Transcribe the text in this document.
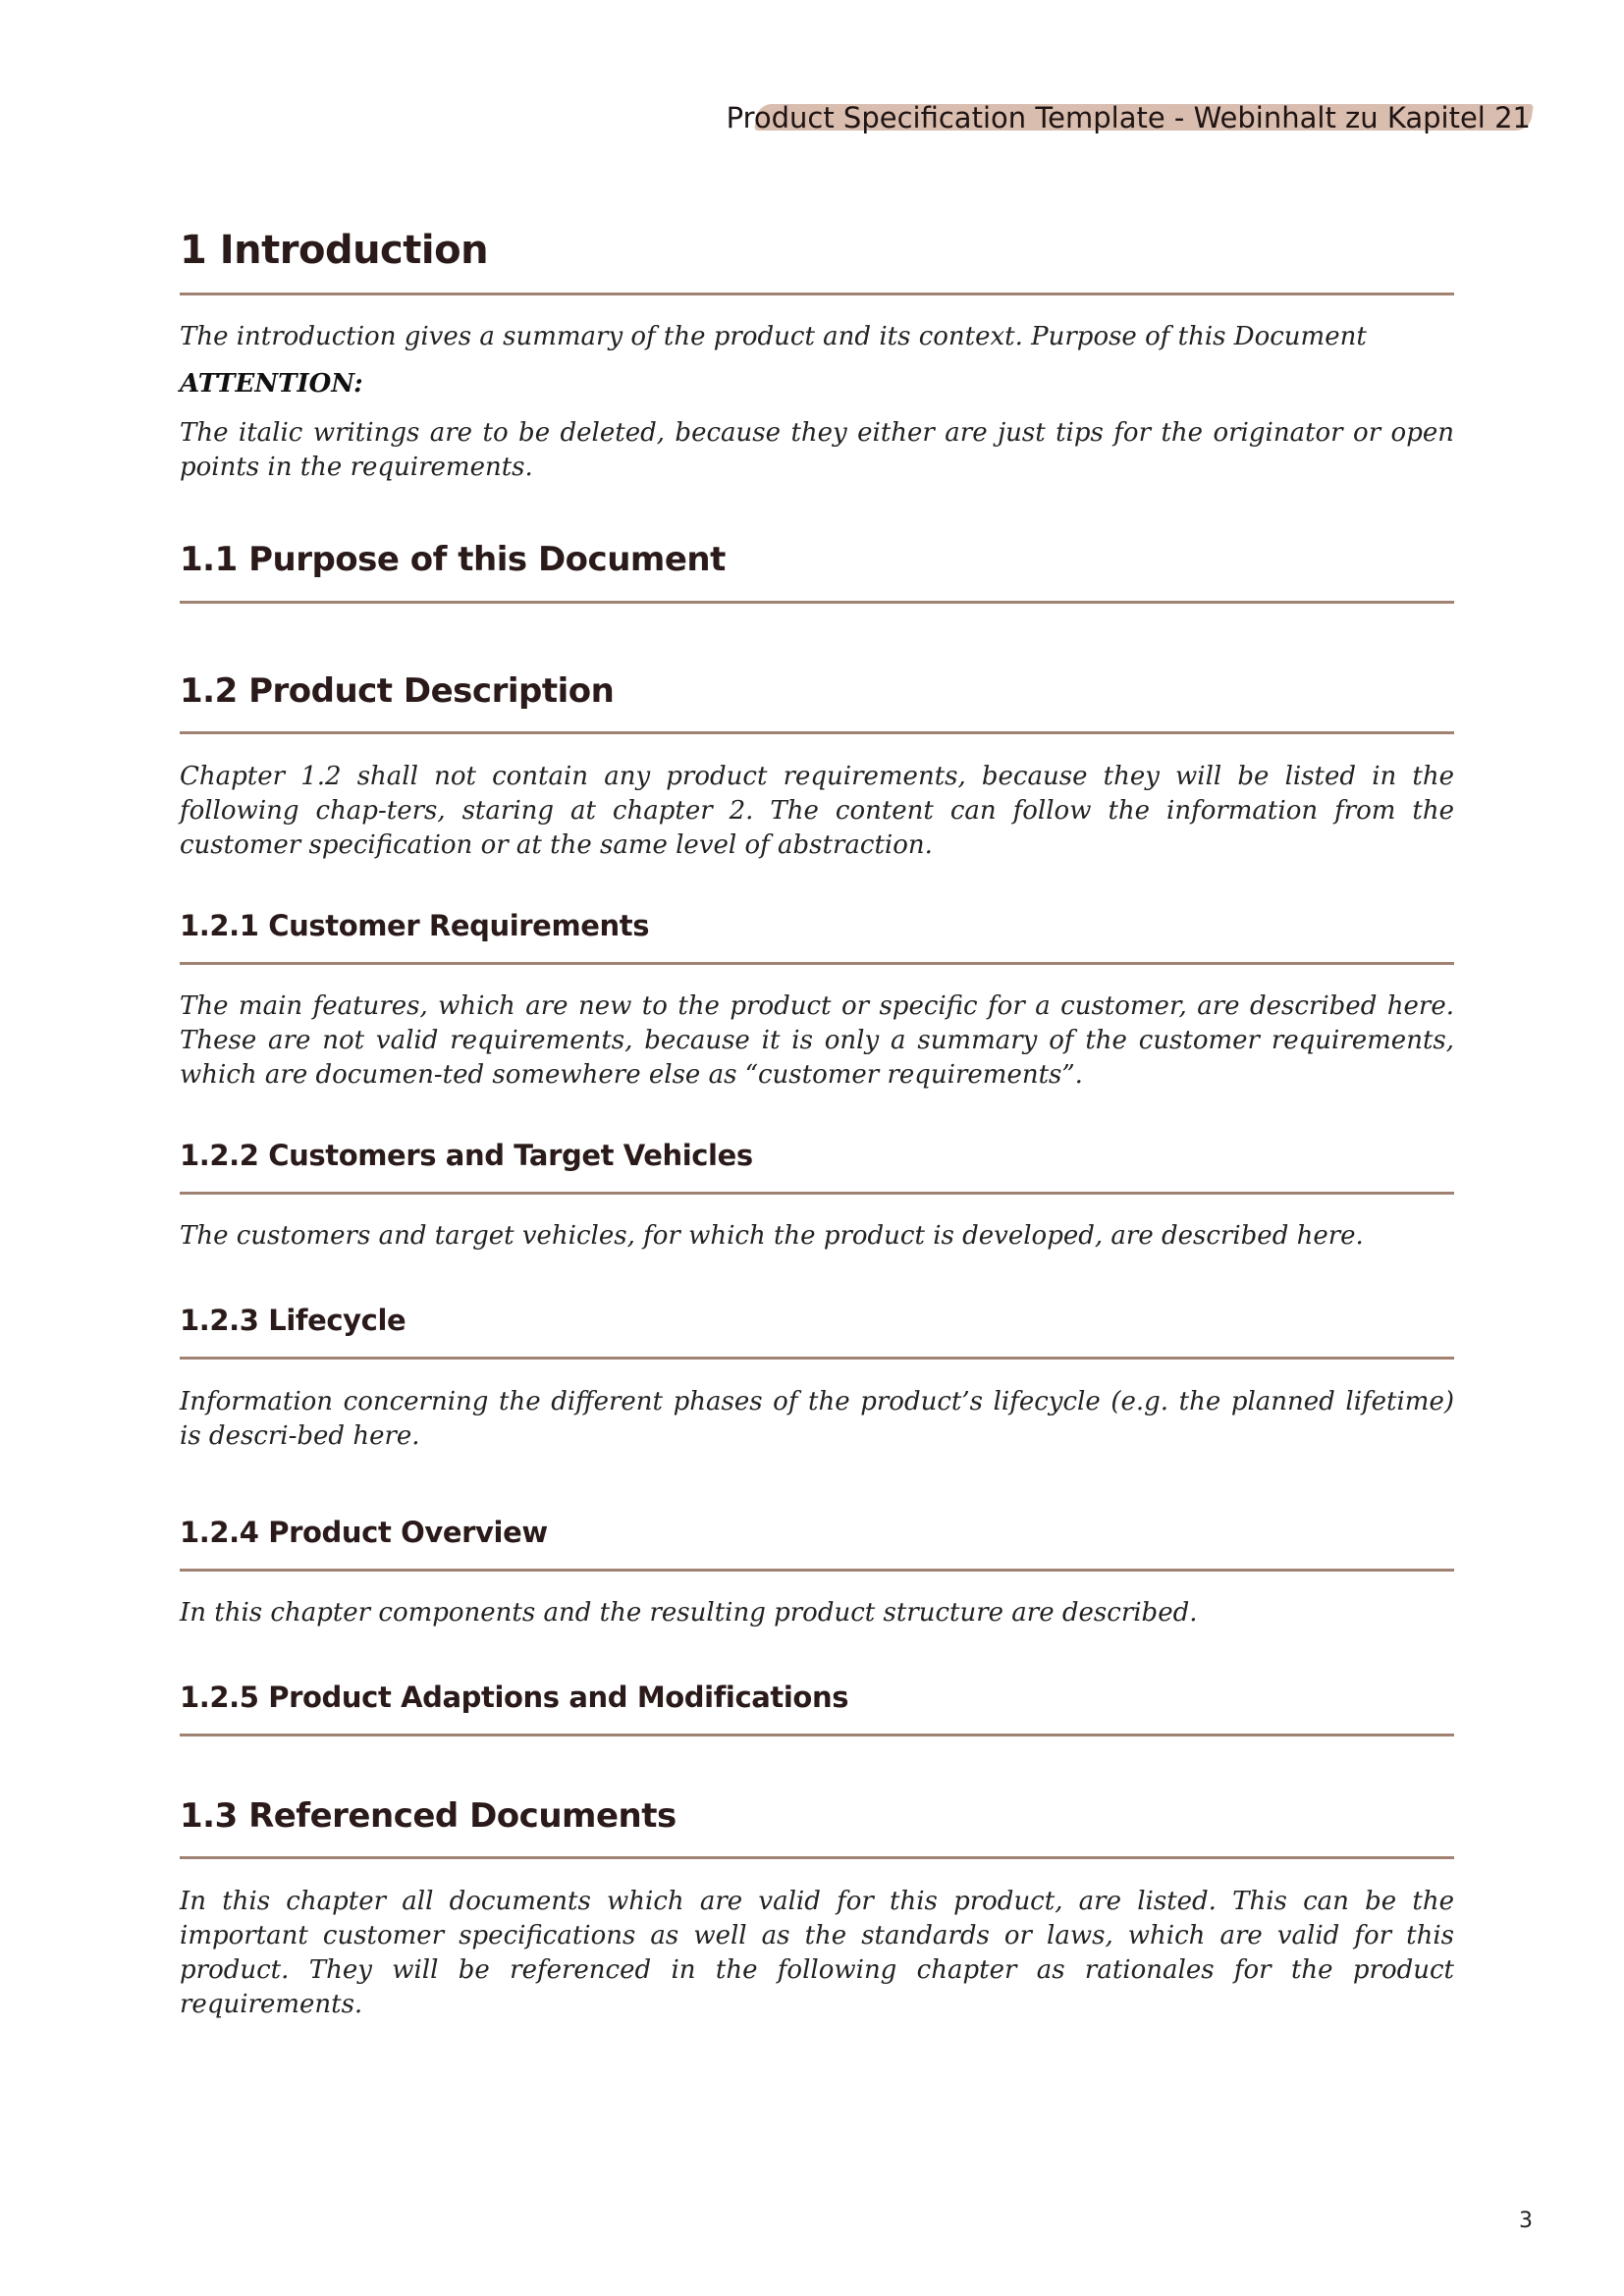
Product Specification Template - Webinhalt zu Kapitel 21
1 Introduction
The introduction gives a summary of the product and its context. Purpose of this Document
ATTENTION:
The italic writings are to be deleted, because they either are just tips for the originator or open points in the requirements.
1.1 Purpose of this Document
1.2 Product Description
Chapter 1.2 shall not contain any product requirements, because they will be listed in the following chap-ters, staring at chapter 2. The content can follow the information from the customer specification or at the same level of abstraction.
1.2.1 Customer Requirements
The main features, which are new to the product or specific for a customer, are described here. These are not valid requirements, because it is only a summary of the customer requirements, which are documen-ted somewhere else as “customer requirements”.
1.2.2 Customers and Target Vehicles
The customers and target vehicles, for which the product is developed, are described here.
1.2.3 Lifecycle
Information concerning the different phases of the product’s lifecycle (e.g. the planned lifetime) is descri-bed here.
1.2.4 Product Overview
In this chapter components and the resulting product structure are described.
1.2.5 Product Adaptions and Modifications
1.3 Referenced Documents
In this chapter all documents which are valid for this product, are listed. This can be the important customer specifications as well as the standards or laws, which are valid for this product. They will be referenced in the following chapter as rationales for the product requirements.
3
